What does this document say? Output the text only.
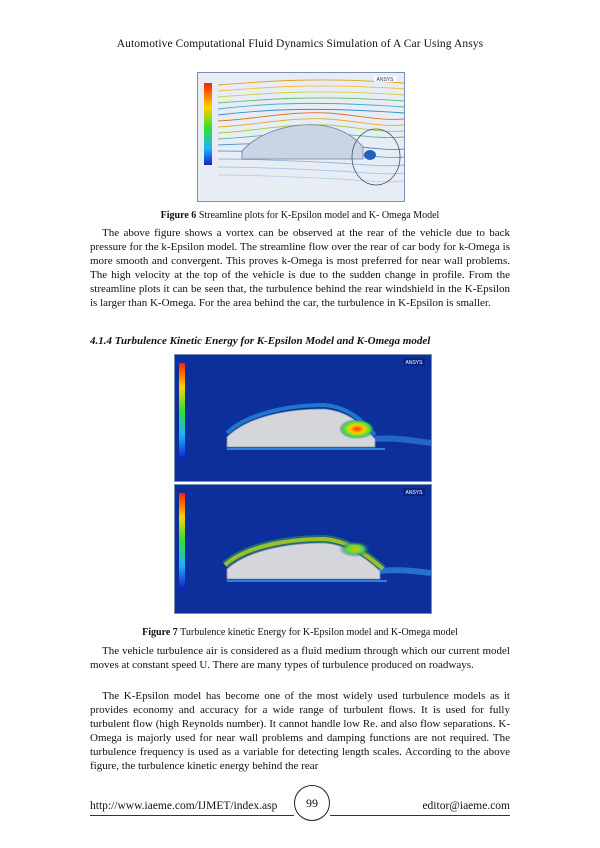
Automotive Computational Fluid Dynamics Simulation of A Car Using Ansys
ANSYS
Figure 6 Streamline plots for K-Epsilon model and K- Omega Model

The above figure shows a vortex can be observed at the rear of the vehicle due to back pressure for the k-Epsilon model. The streamline flow over the rear of car body for k-Omega is more smooth and convergent. This proves k-Omega is most preferred for near wall problems. The high velocity at the top of the vehicle is due to the sudden change in profile. From the streamline plots it can be seen that, the turbulence behind the rear windshield in the K-Epsilon is larger than K-Omega. For the area behind the car, the turbulence in K-Epsilon is smaller.

4.1.4 Turbulence Kinetic Energy for K-Epsilon Model and K-Omega model
ANSYS
ANSYS
Figure 7 Turbulence kinetic Energy for K-Epsilon model and K-Omega model

The vehicle turbulence air is considered as a fluid medium through which our current model moves at constant speed U. There are many types of turbulence produced on roadways.

The K-Epsilon model has become one of the most widely used turbulence models as it provides economy and accuracy for a wide range of turbulent flows. It is used for fully turbulent flow (high Reynolds number). It cannot handle low Re. and also flow separations. K-Omega is majorly used for near wall problems and damping functions are not required. The turbulence frequency is used as a variable for detecting length scales. According to the above figure, the turbulence kinetic energy behind the rear

http://www.iaeme.com/IJMET/index.asp	99	editor@iaeme.com
